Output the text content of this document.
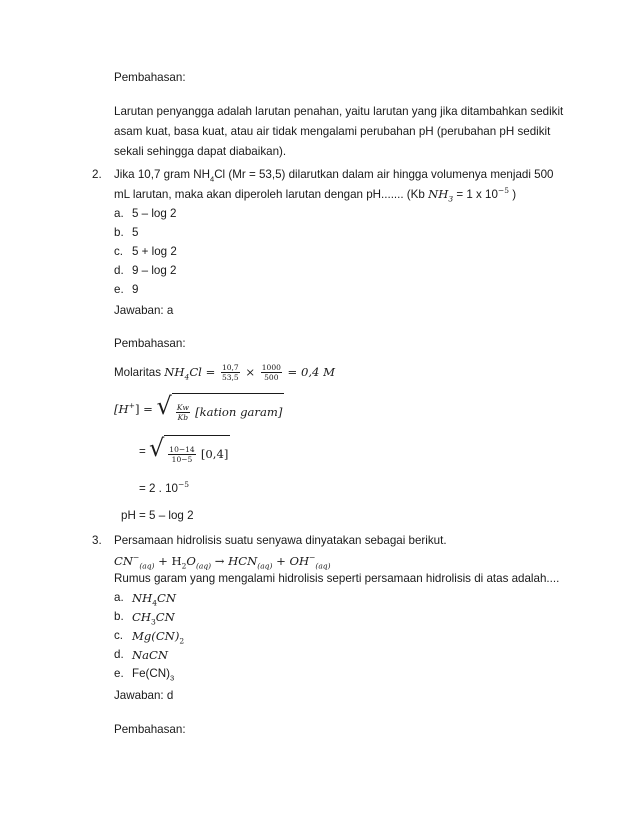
Pembahasan:
Larutan penyangga adalah larutan penahan, yaitu larutan yang jika ditambahkan sedikit
asam kuat, basa kuat, atau air tidak mengalami perubahan pH (perubahan pH sedikit
sekali sehingga dapat diabaikan).
2. Jika 10,7 gram $NH_4Cl$ (Mr = 53,5) dilarutkan dalam air hingga volumenya menjadi 500
mL larutan, maka akan diperoleh larutan dengan pH....... (Kb $NH_3 = 1$ x $10^{-5}$ )
a. 5 – log 2
b. 5
c. 5 + log 2
d. 9 – log 2
e. 9
Jawaban: a
Pembahasan:
Molaritas $NH_4Cl = \frac{10,7}{53,5} \times \frac{1000}{500} = 0,4$ M
[H+] = √ $\frac{Kw}{Kb}$
[kation garam]
= √ $\frac{10-14}{10-5}$
[0,4]
= 2 . $10^{-5}$
pH = 5 – log 2
3. Persamaan hidrolisis suatu senyawa dinyatakan sebagai berikut.
$CN^-_{(aq)} + H_2O_{(aq)} \to HCN_{(aq)} + OH^-_{(aq)}$
Rumus garam yang mengalami hidrolisis seperti persamaan hidrolisis di atas adalah....
a. $NH_4CN$
b. $CH_3CN$
c. $Mg(CN)_2$
d. NaCN
e. $Fe(CN)_3$
Jawaban: d
Pembahasan:
